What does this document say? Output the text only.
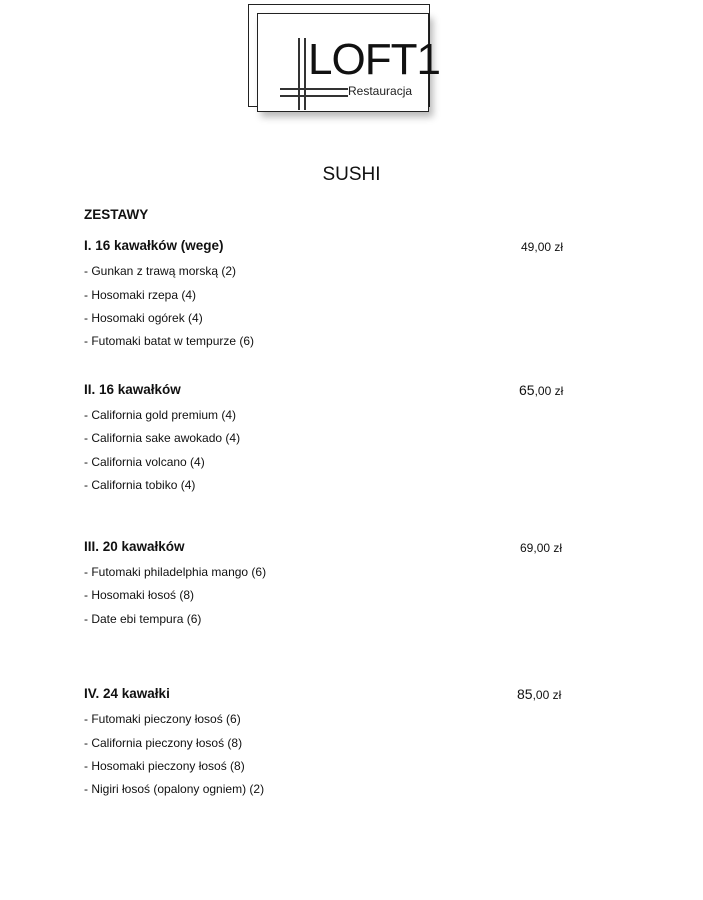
LOFT1
Restauracja
SUSHI
ZESTAWY
I. 16 kawałków (wege)	49,00 zł
- Gunkan z trawą morską (2)
- Hosomaki rzepa (4)
- Hosomaki ogórek (4)
- Futomaki batat w tempurze (6)
II. 16 kawałków	65,00 zł
- California gold premium (4)
- California sake awokado (4)
- California volcano (4)
- California tobiko (4)
III. 20 kawałków	69,00 zł
- Futomaki philadelphia mango (6)
- Hosomaki łosoś (8)
- Date ebi tempura (6)
IV. 24 kawałki	85,00 zł
- Futomaki pieczony łosoś (6)
- California pieczony łosoś (8)
- Hosomaki pieczony łosoś (8)
- Nigiri łosoś (opalony ogniem) (2)
